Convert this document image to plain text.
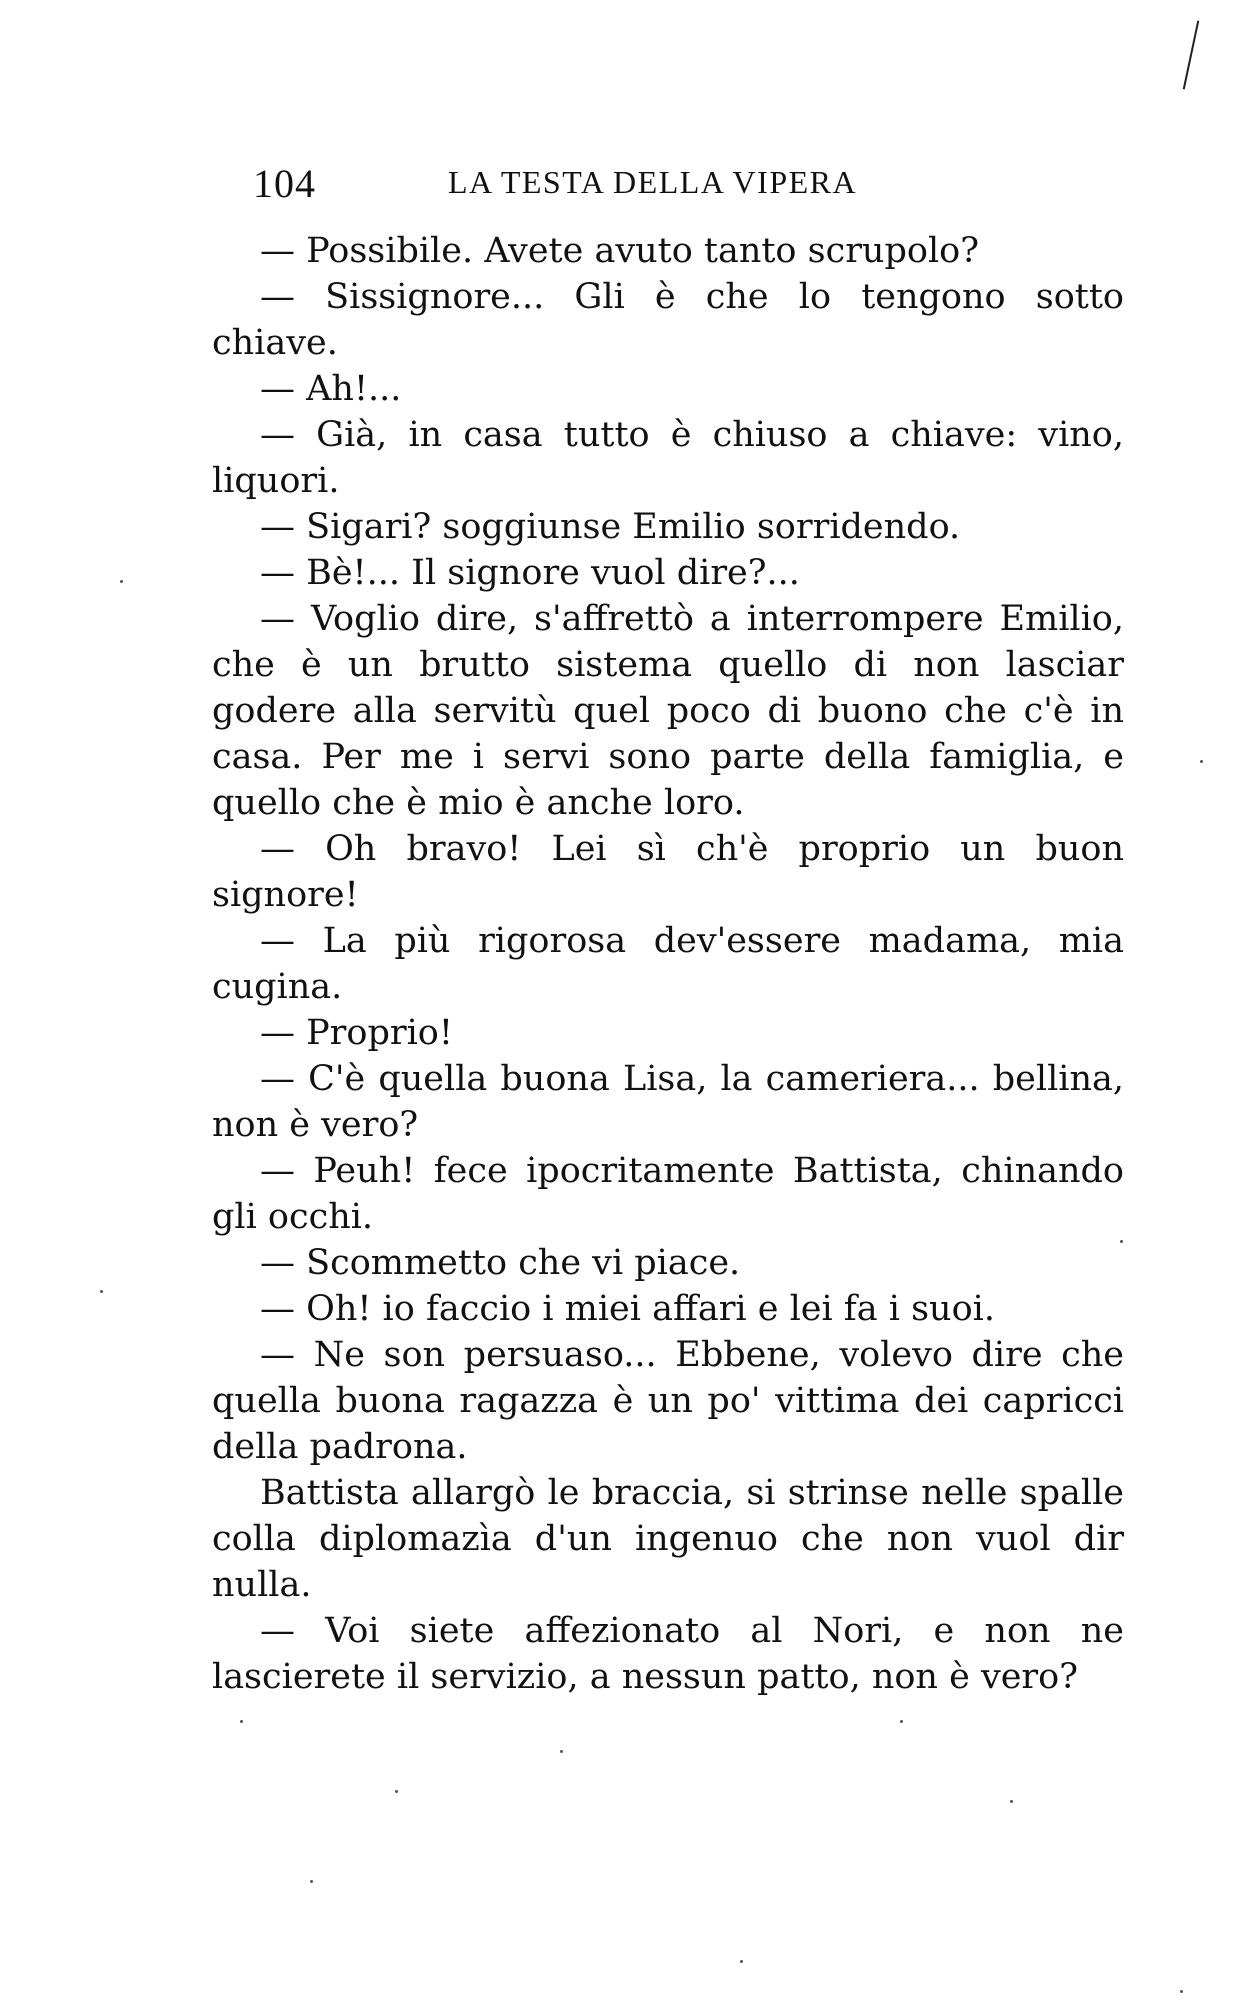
104	LA TESTA DELLA VIPERA

— Possibile. Avete avuto tanto scrupolo?

— Sissignore... Gli è che lo tengono sotto chiave.

— Ah!...

— Già, in casa tutto è chiuso a chiave: vino, liquori.

— Sigari? soggiunse Emilio sorridendo.

— Bè!... Il signore vuol dire?...

— Voglio dire, s'affrettò a interrompere Emilio, che è un brutto sistema quello di non lasciar godere alla servitù quel poco di buono che c'è in casa. Per me i servi sono parte della famiglia, e quello che è mio è anche loro.

— Oh bravo! Lei sì ch'è proprio un buon signore!

— La più rigorosa dev'essere madama, mia cugina.

— Proprio!

— C'è quella buona Lisa, la cameriera... bellina, non è vero?

— Peuh! fece ipocritamente Battista, chinando gli occhi.

— Scommetto che vi piace.

— Oh! io faccio i miei affari e lei fa i suoi.

— Ne son persuaso... Ebbene, volevo dire che quella buona ragazza è un po' vittima dei capricci della padrona.

Battista allargò le braccia, si strinse nelle spalle colla diplomazìa d'un ingenuo che non vuol dir nulla.

— Voi siete affezionato al Nori, e non ne lascierete il servizio, a nessun patto, non è vero?
